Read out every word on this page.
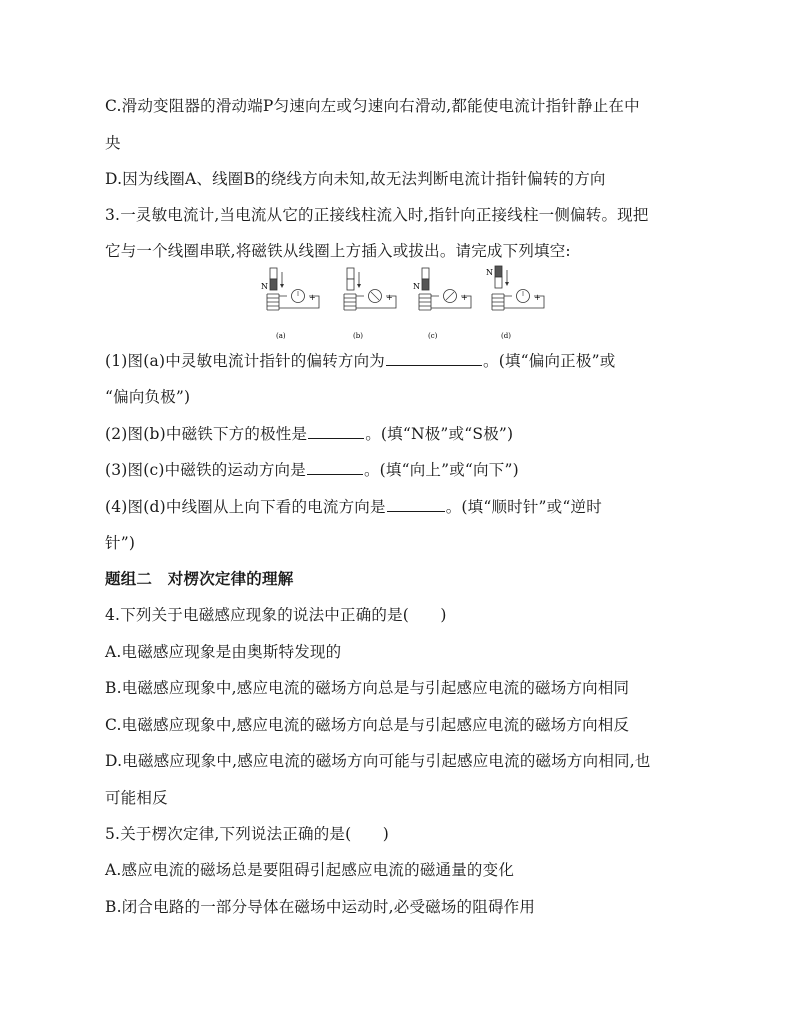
C.滑动变阻器的滑动端P匀速向左或匀速向右滑动,都能使电流计指针静止在中
央
D.因为线圈A、线圈B的绕线方向未知,故无法判断电流计指针偏转的方向
3.一灵敏电流计,当电流从它的正接线柱流入时,指针向正接线柱一侧偏转。现把
它与一个线圈串联,将磁铁从线圈上方插入或拔出。请完成下列填空:
N
+
(a)
+
(b)
N
+
(c)
N
+
(d)
(1)图(a)中灵敏电流计指针的偏转方向为	。(填“偏向正极”或
“偏向负极”)
(2)图(b)中磁铁下方的极性是	。(填“N极”或“S极”)
(3)图(c)中磁铁的运动方向是	。(填“向上”或“向下”)
(4)图(d)中线圈从上向下看的电流方向是	。(填“顺时针”或“逆时
针”)
题组二　对楞次定律的理解
4.下列关于电磁感应现象的说法中正确的是(　　)
A.电磁感应现象是由奥斯特发现的
B.电磁感应现象中,感应电流的磁场方向总是与引起感应电流的磁场方向相同
C.电磁感应现象中,感应电流的磁场方向总是与引起感应电流的磁场方向相反
D.电磁感应现象中,感应电流的磁场方向可能与引起感应电流的磁场方向相同,也
可能相反
5.关于楞次定律,下列说法正确的是(　　)
A.感应电流的磁场总是要阻碍引起感应电流的磁通量的变化
B.闭合电路的一部分导体在磁场中运动时,必受磁场的阻碍作用
